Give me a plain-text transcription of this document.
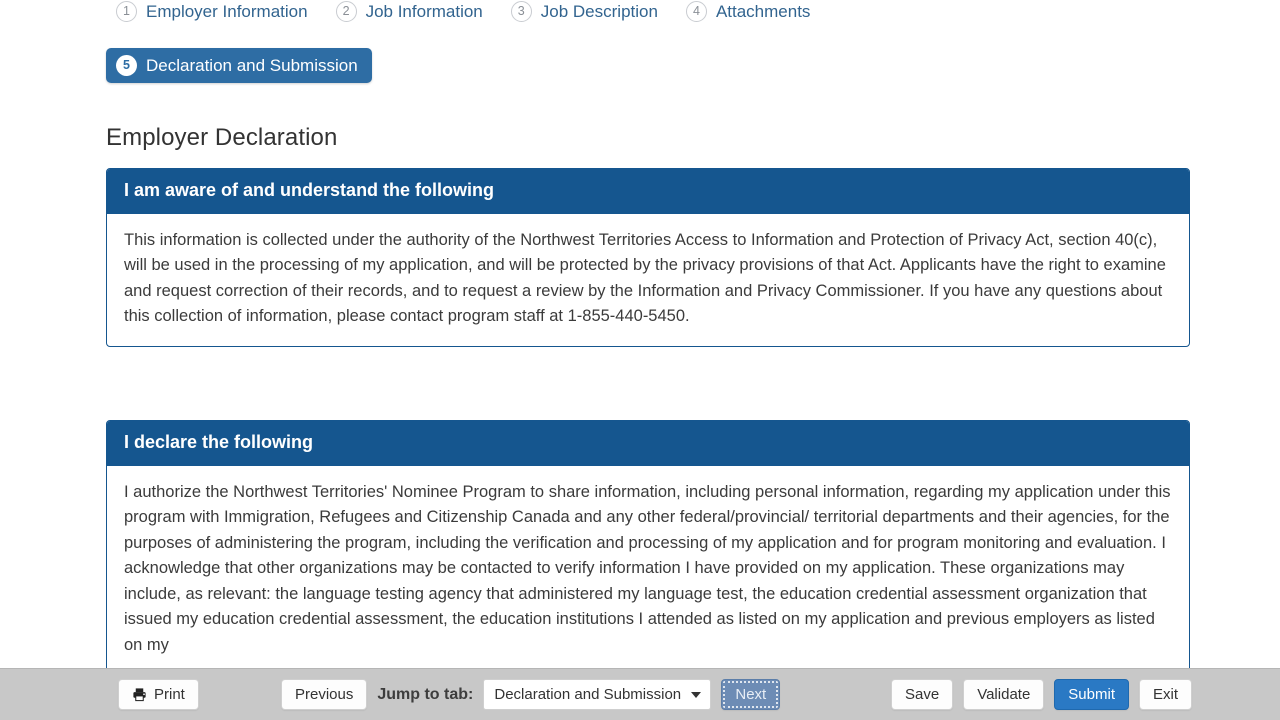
1 Employer Information	2 Job Information	3 Job Description	4 Attachments
5 Declaration and Submission
Employer Declaration
I am aware of and understand the following

This information is collected under the authority of the Northwest Territories Access to Information and Protection of Privacy Act, section 40(c), will be used in the processing of my application, and will be protected by the privacy provisions of that Act. Applicants have the right to examine and request correction of their records, and to request a review by the Information and Privacy Commissioner. If you have any questions about this collection of information, please contact program staff at 1-855-440-5450.

I declare the following

I authorize the Northwest Territories' Nominee Program to share information, including personal information, regarding my application under this program with Immigration, Refugees and Citizenship Canada and any other federal/provincial/ territorial departments and their agencies, for the purposes of administering the program, including the verification and processing of my application and for program monitoring and evaluation. I acknowledge that other organizations may be contacted to verify information I have provided on my application. These organizations may include, as relevant: the language testing agency that administered my language test, the education credential assessment organization that issued my education credential assessment, the education institutions I attended as listed on my application and previous employers as listed on my

Print	Previous Jump to tab: Declaration and Submission	Next	Save	Validate	Submit	Exit
